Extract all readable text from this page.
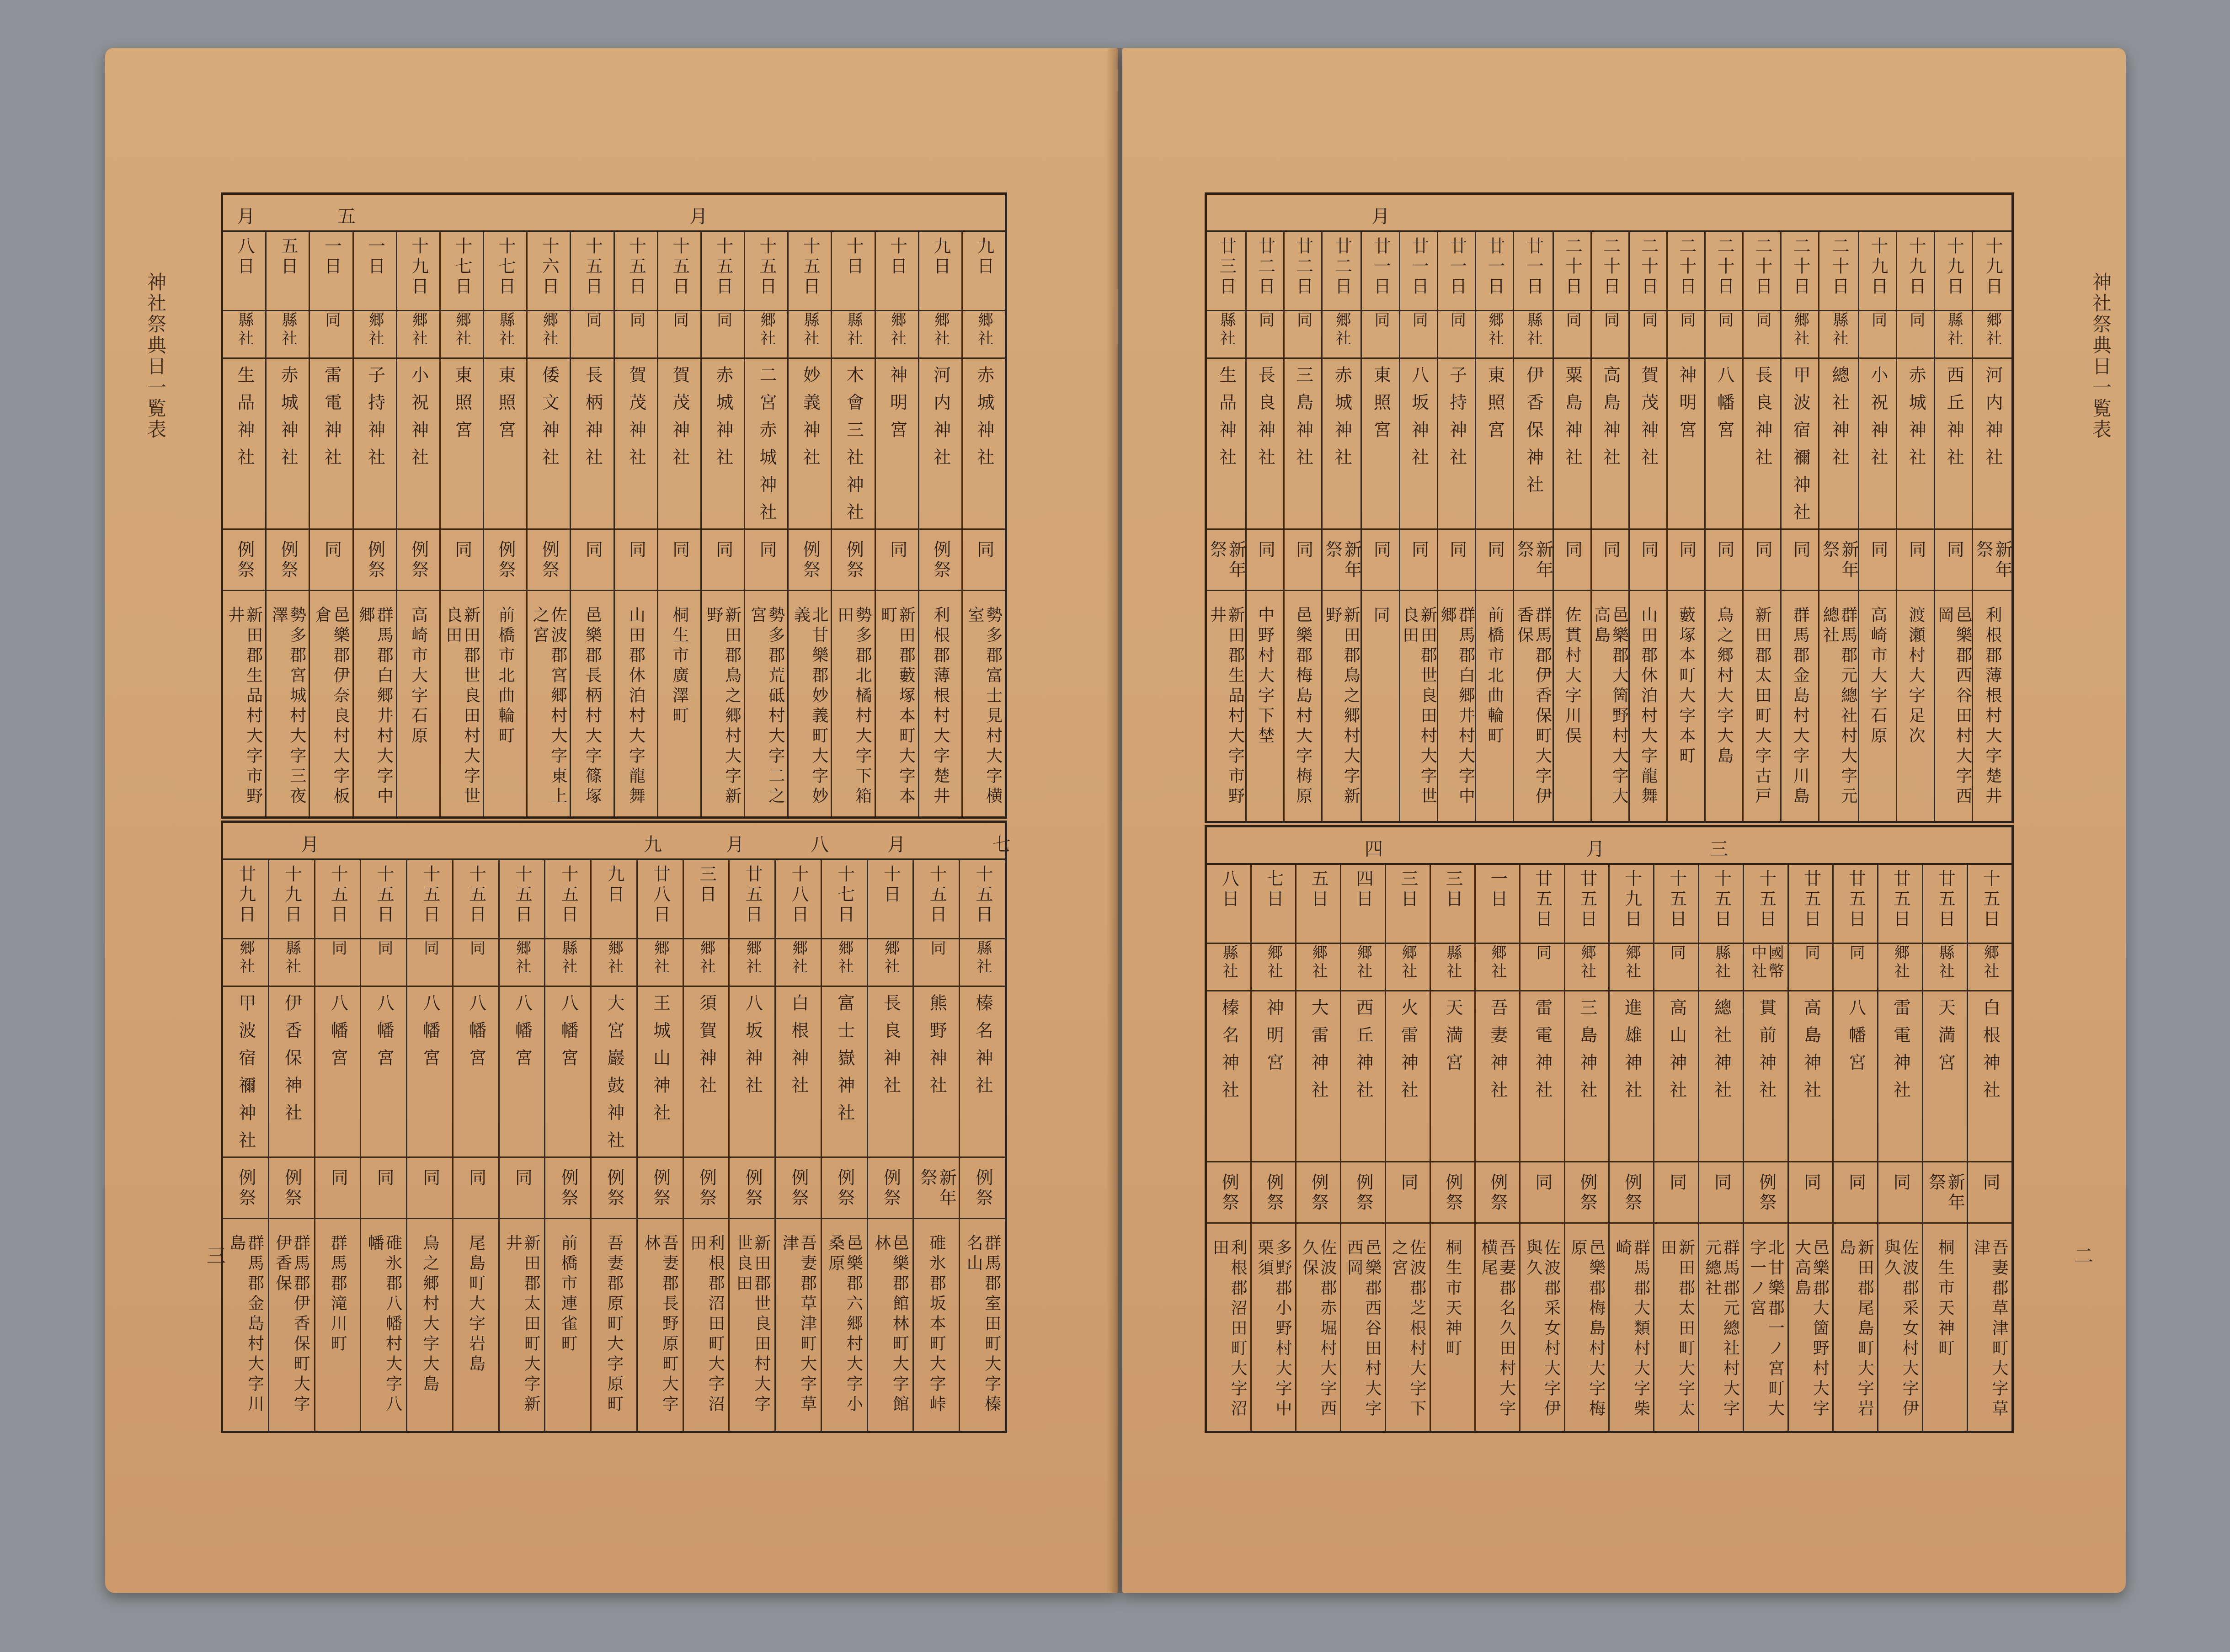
神社祭典日一覧表
三
月	五	月
八日
縣社
生品神社
例祭
新田郡生品村大字市野井
五日
縣社
赤城神社
例祭
勢多郡宮城村大字三夜澤
一日
同
雷電神社
同
邑樂郡伊奈良村大字板倉
一日
郷社
子持神社
例祭
群馬郡白郷井村大字中郷
十九日
郷社
小祝神社
例祭
高崎市大字石原
十七日
郷社
東照宮
同
新田郡世良田村大字世良田
十七日
縣社
東照宮
例祭
前橋市北曲輪町
十六日
郷社
倭文神社
例祭
佐波郡宮郷村大字東上之宮
十五日
同
長柄神社
同
邑樂郡長柄村大字篠塚
十五日
同
賀茂神社
同
山田郡休泊村大字龍舞
十五日
同
賀茂神社
同
桐生市廣澤町
十五日
同
赤城神社
同
新田郡鳥之郷村大字新野
十五日
郷社
二宮赤城神社
同
勢多郡荒砥村大字二之宮
十五日
縣社
妙義神社
例祭
北甘樂郡妙義町大字妙義
十日
縣社
木會三社神社
例祭
勢多郡北橘村大字下箱田
十日
郷社
神明宮
同
新田郡藪塚本町大字本町
九日
郷社
河内神社
例祭
利根郡薄根村大字楚井
九日
郷社
赤城神社
同
勢多郡富士見村大字横室
月	九	月	八	月	七
廿九日
郷社
甲波宿禰神社
例祭
群馬郡金島村大字川島
十九日
縣社
伊香保神社
例祭
群馬郡伊香保町大字伊香保
十五日
同
八幡宮
同
群馬郡滝川町
十五日
同
八幡宮
同
碓氷郡八幡村大字八幡
十五日
同
八幡宮
同
鳥之郷村大字大島
十五日
同
八幡宮
同
尾島町大字岩島
十五日
郷社
八幡宮
同
新田郡太田町大字新井
十五日
縣社
八幡宮
例祭
前橋市連雀町
九日
郷社
大宮巖鼓神社
例祭
吾妻郡原町大字原町
廿八日
郷社
王城山神社
例祭
吾妻郡長野原町大字林
三日
郷社
須賀神社
例祭
利根郡沼田町大字沼田
廿五日
郷社
八坂神社
例祭
新田郡世良田村大字世良田
十八日
郷社
白根神社
例祭
吾妻郡草津町大字草津
十七日
郷社
富士嶽神社
例祭
邑樂郡六郷村大字小桑原
十日
郷社
長良神社
例祭
邑樂郡館林町大字館林
十五日
同
熊野神社
新年祭
碓氷郡坂本町大字峠
十五日
縣社
榛名神社
例祭
群馬郡室田町大字榛名山
神社祭典日一覧表
二
月
廿三日
縣社
生品神社
新年祭
新田郡生品村大字市野井
廿二日
同
長良神社
同
中野村大字下埜
廿二日
同
三島神社
同
邑樂郡梅島村大字梅原
廿二日
郷社
赤城神社
新年祭
新田郡鳥之郷村大字新野
廿一日
同
東照宮
同
同
廿一日
同
八坂神社
同
新田郡世良田村大字世良田
廿一日
同
子持神社
同
群馬郡白郷井村大字中郷
廿一日
郷社
東照宮
同
前橋市北曲輪町
廿一日
縣社
伊香保神社
新年祭
群馬郡伊香保町大字伊香保
二十日
同
粟島神社
同
佐貫村大字川俣
二十日
同
高島神社
同
邑樂郡大箇野村大字大高島
二十日
同
賀茂神社
同
山田郡休泊村大字龍舞
二十日
同
神明宮
同
藪塚本町大字本町
二十日
同
八幡宮
同
鳥之郷村大字大島
二十日
同
長良神社
同
新田郡太田町大字古戸
二十日
郷社
甲波宿禰神社
同
群馬郡金島村大字川島
二十日
縣社
總社神社
新年祭
群馬郡元總社村大字元總社
十九日
同
小祝神社
同
高崎市大字石原
十九日
同
赤城神社
同
渡瀬村大字足次
十九日
縣社
西丘神社
同
邑樂郡西谷田村大字西岡
十九日
郷社
河内神社
新年祭
利根郡薄根村大字楚井
三
月
四
八日
縣社
榛名神社
例祭
利根郡沼田町大字沼田
七日
郷社
神明宮
例祭
多野郡小野村大字中栗須
五日
郷社
大雷神社
例祭
佐波郡赤堀村大字西久保
四日
郷社
西丘神社
例祭
邑樂郡西谷田村大字西岡
三日
郷社
火雷神社
同
佐波郡芝根村大字下之宮
三日
縣社
天満宮
例祭
桐生市天神町
一日
郷社
吾妻神社
例祭
吾妻郡名久田村大字横尾
廿五日
同
雷電神社
同
佐波郡采女村大字伊與久
廿五日
郷社
三島神社
例祭
邑樂郡梅島村大字梅原
十九日
郷社
進雄神社
例祭
群馬郡大類村大字柴崎
十五日
同
高山神社
同
新田郡太田町大字太田
十五日
縣社
總社神社
同
群馬郡元總社村大字元總社
十五日
國幣中社
貫前神社
例祭
北甘樂郡一ノ宮町大字一ノ宮
廿五日
同
高島神社
同
邑樂郡大箇野村大字大高島
廿五日
同
八幡宮
同
新田郡尾島町大字岩島
廿五日
郷社
雷電神社
同
佐波郡采女村大字伊與久
廿五日
縣社
天満宮
新年祭
桐生市天神町
十五日
郷社
白根神社
同
吾妻郡草津町大字草津
